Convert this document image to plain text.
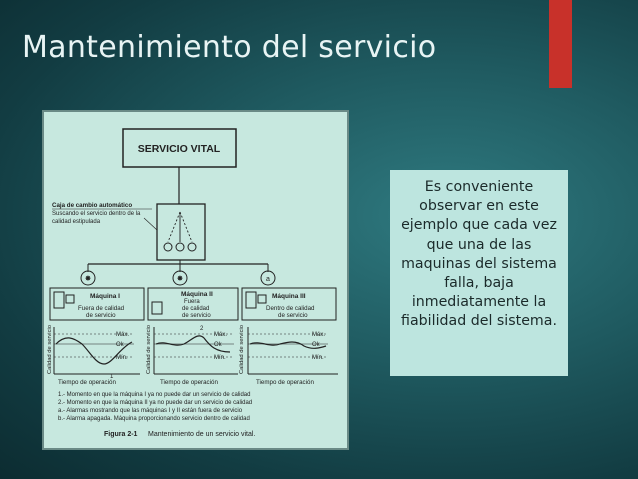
Mantenimiento del servicio
SERVICIO VITAL
Caja de cambio automático
Suscando el servicio dentro de la
calidad estipulada
✸	✸	a
Máquina I
Fuera de calidad
de servicio
Máquina II
Fuera
de calidad
de servicio
Máquina III
Dentro de calidad
de servicio
1
Máx.
Ok
Mín.
Calidad de servicio	2
Máx.
Ok
Mín.
Calidad de servicio	Máx.
Ok
Mín.
Calidad de servicio
Tiempo de operación	Tiempo de operación	Tiempo de operación
1.- Momento en que la máquina I ya no puede dar un servicio de calidad
2.- Momento en que la máquina II ya no puede dar un servicio de calidad
a.- Alarmas mostrando que las máquinas I y II están fuera de servicio
b.- Alarma apagada. Máquina proporcionando servicio dentro de calidad
Figura 2-1 Mantenimiento de un servicio vital.
Es conveniente observar en este ejemplo que cada vez que una de las maquinas del sistema falla, baja inmediatamente la fiabilidad del sistema.
